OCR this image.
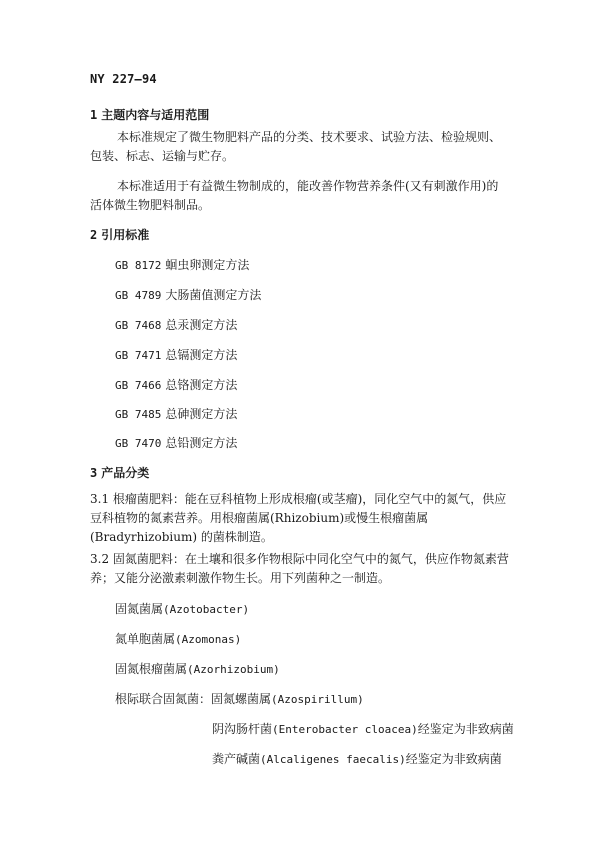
NY 227—94
1 主题内容与适用范围
本标准规定了微生物肥料产品的分类、技术要求、试验方法、检验规则、包装、标志、运输与贮存。
本标准适用于有益微生物制成的，能改善作物营养条件(又有刺激作用)的活体微生物肥料制品。
2 引用标准
GB 8172 蛔虫卵测定方法
GB 4789 大肠菌值测定方法
GB 7468 总汞测定方法
GB 7471 总镉测定方法
GB 7466 总铬测定方法
GB 7485 总砷测定方法
GB 7470 总铅测定方法
3 产品分类
3.1 根瘤菌肥料：能在豆科植物上形成根瘤(或茎瘤)，同化空气中的氮气，供应豆科植物的氮素营养。用根瘤菌属(Rhizobium)或慢生根瘤菌属(Bradyrhizobium) 的菌株制造。
3.2 固氮菌肥料：在土壤和很多作物根际中同化空气中的氮气，供应作物氮素营养；又能分泌激素刺激作物生长。用下列菌种之一制造。
固氮菌属(Azotobacter)
氮单胞菌属(Azomonas)
固氮根瘤菌属(Azorhizobium)
根际联合固氮菌：固氮螺菌属(Azospirillum)
阴沟肠杆菌(Enterobacter cloacea)经鉴定为非致病菌
粪产碱菌(Alcaligenes faecalis)经鉴定为非致病菌
